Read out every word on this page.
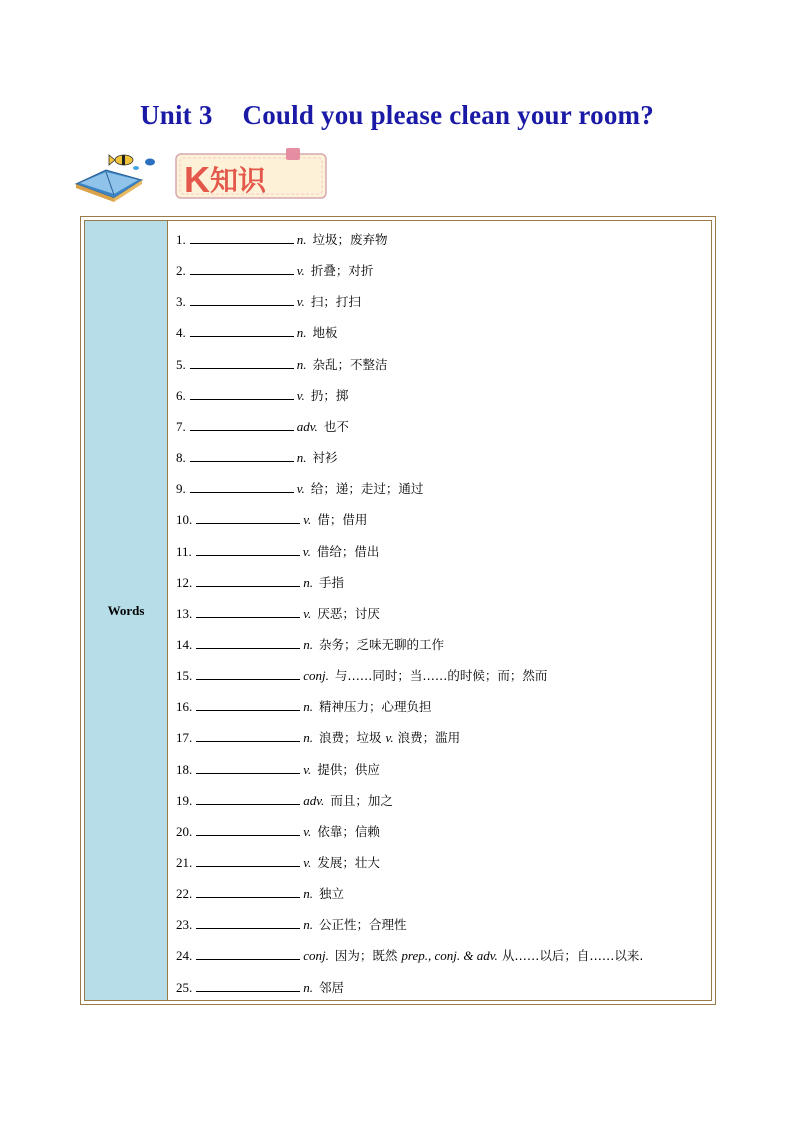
Unit 3 Could you please clean your room?
K 知识
Words
1.	n. 垃圾；废弃物
2.	v. 折叠；对折
3.	v. 扫；打扫
4.	n. 地板
5.	n. 杂乱；不整洁
6.	v. 扔；掷
7.	adv. 也不
8.	n. 衬衫
9.	v. 给；递；走过；通过
10.	v. 借；借用
11.	v. 借给；借出
12.	n. 手指
13.	v. 厌恶；讨厌
14.	n. 杂务；乏味无聊的工作
15.	conj. 与……同时；当……的时候；而；然而
16.	n. 精神压力；心理负担
17.	n. 浪费；垃圾 v. 浪费；滥用
18.	v. 提供；供应
19.	adv. 而且；加之
20.	v. 依靠；信赖
21.	v. 发展；壮大
22.	n. 独立
23.	n. 公正性；合理性
24.	conj. 因为；既然 prep., conj. & adv. 从……以后；自……以来.
25.	n. 邻居
